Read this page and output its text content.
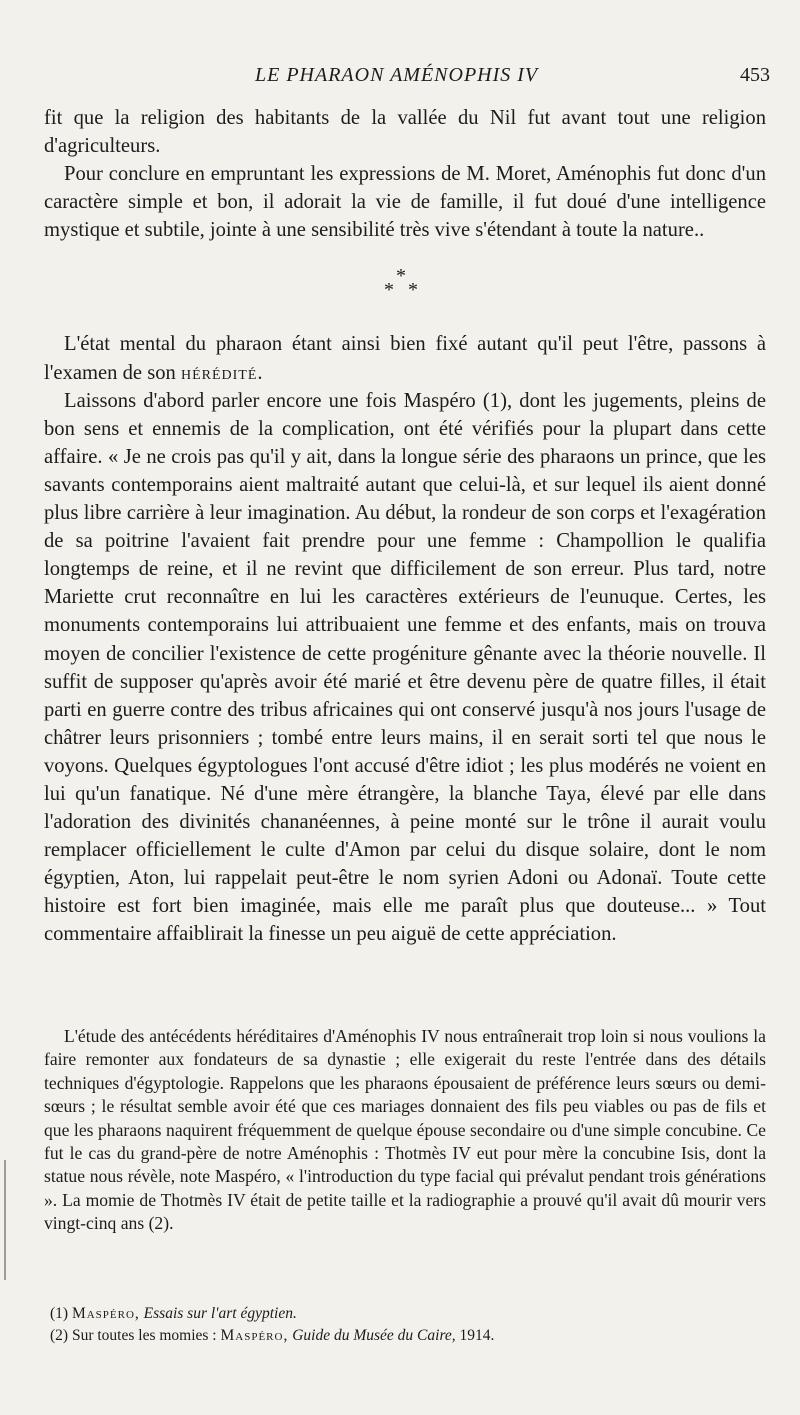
LE PHARAON AMÉNOPHIS IV	453

fit que la religion des habitants de la vallée du Nil fut avant tout une religion d'agriculteurs.

Pour conclure en empruntant les expressions de M. Moret, Aménophis fut donc d'un caractère simple et bon, il adorait la vie de famille, il fut doué d'une intelligence mystique et subtile, jointe à une sensibilité très vive s'étendant à toute la nature..

*
* *

L'état mental du pharaon étant ainsi bien fixé autant qu'il peut l'être, passons à l'examen de son hérédité.

Laissons d'abord parler encore une fois Maspéro (1), dont les jugements, pleins de bon sens et ennemis de la complication, ont été vérifiés pour la plupart dans cette affaire. « Je ne crois pas qu'il y ait, dans la longue série des pharaons un prince, que les savants contemporains aient maltraité autant que celui-là, et sur lequel ils aient donné plus libre carrière à leur imagination. Au début, la rondeur de son corps et l'exagération de sa poitrine l'avaient fait prendre pour une femme : Champollion le qualifia longtemps de reine, et il ne revint que difficilement de son erreur. Plus tard, notre Mariette crut reconnaître en lui les caractères extérieurs de l'eunuque. Certes, les monuments contemporains lui attribuaient une femme et des enfants, mais on trouva moyen de concilier l'existence de cette progéniture gênante avec la théorie nouvelle. Il suffit de supposer qu'après avoir été marié et être devenu père de quatre filles, il était parti en guerre contre des tribus africaines qui ont conservé jusqu'à nos jours l'usage de châtrer leurs prisonniers ; tombé entre leurs mains, il en serait sorti tel que nous le voyons. Quelques égyptologues l'ont accusé d'être idiot ; les plus modérés ne voient en lui qu'un fanatique. Né d'une mère étrangère, la blanche Taya, élevé par elle dans l'adoration des divinités chananéennes, à peine monté sur le trône il aurait voulu remplacer officiellement le culte d'Amon par celui du disque solaire, dont le nom égyptien, Aton, lui rappelait peut-être le nom syrien Adoni ou Adonaï. Toute cette histoire est fort bien imaginée, mais elle me paraît plus que douteuse... » Tout commentaire affaiblirait la finesse un peu aiguë de cette appréciation.

L'étude des antécédents héréditaires d'Aménophis IV nous entraînerait trop loin si nous voulions la faire remonter aux fondateurs de sa dynastie ; elle exigerait du reste l'entrée dans des détails techniques d'égyptologie. Rappelons que les pharaons épousaient de préférence leurs sœurs ou demi-sœurs ; le résultat semble avoir été que ces mariages donnaient des fils peu viables ou pas de fils et que les pharaons naquirent fréquemment de quelque épouse secondaire ou d'une simple concubine. Ce fut le cas du grand-père de notre Aménophis : Thotmès IV eut pour mère la concubine Isis, dont la statue nous révèle, note Maspéro, « l'introduction du type facial qui prévalut pendant trois générations ». La momie de Thotmès IV était de petite taille et la radiographie a prouvé qu'il avait dû mourir vers vingt-cinq ans (2).

(1) Maspéro, Essais sur l'art égyptien.
(2) Sur toutes les momies : Maspéro, Guide du Musée du Caire, 1914.
